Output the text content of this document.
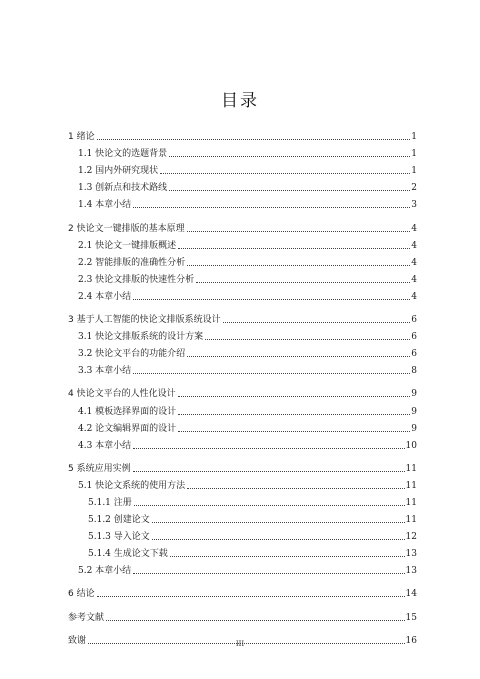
目录
1 绪论	1
1.1 快论文的选题背景	1
1.2 国内外研究现状	1
1.3 创新点和技术路线	2
1.4 本章小结	3
2 快论文一键排版的基本原理	4
2.1 快论文一键排版概述	4
2.2 智能排版的准确性分析	4
2.3 快论文排版的快速性分析	4
2.4 本章小结	4
3 基于人工智能的快论文排版系统设计	6
3.1 快论文排版系统的设计方案	6
3.2 快论文平台的功能介绍	6
3.3 本章小结	8
4 快论文平台的人性化设计	9
4.1 模板选择界面的设计	9
4.2 论文编辑界面的设计	9
4.3 本章小结	10
5 系统应用实例	11
5.1 快论文系统的使用方法	11
5.1.1 注册	11
5.1.2 创建论文	11
5.1.3 导入论文	12
5.1.4 生成论文下载	13
5.2 本章小结	13
6 结论	14
参考文献	15
致谢	16
III
